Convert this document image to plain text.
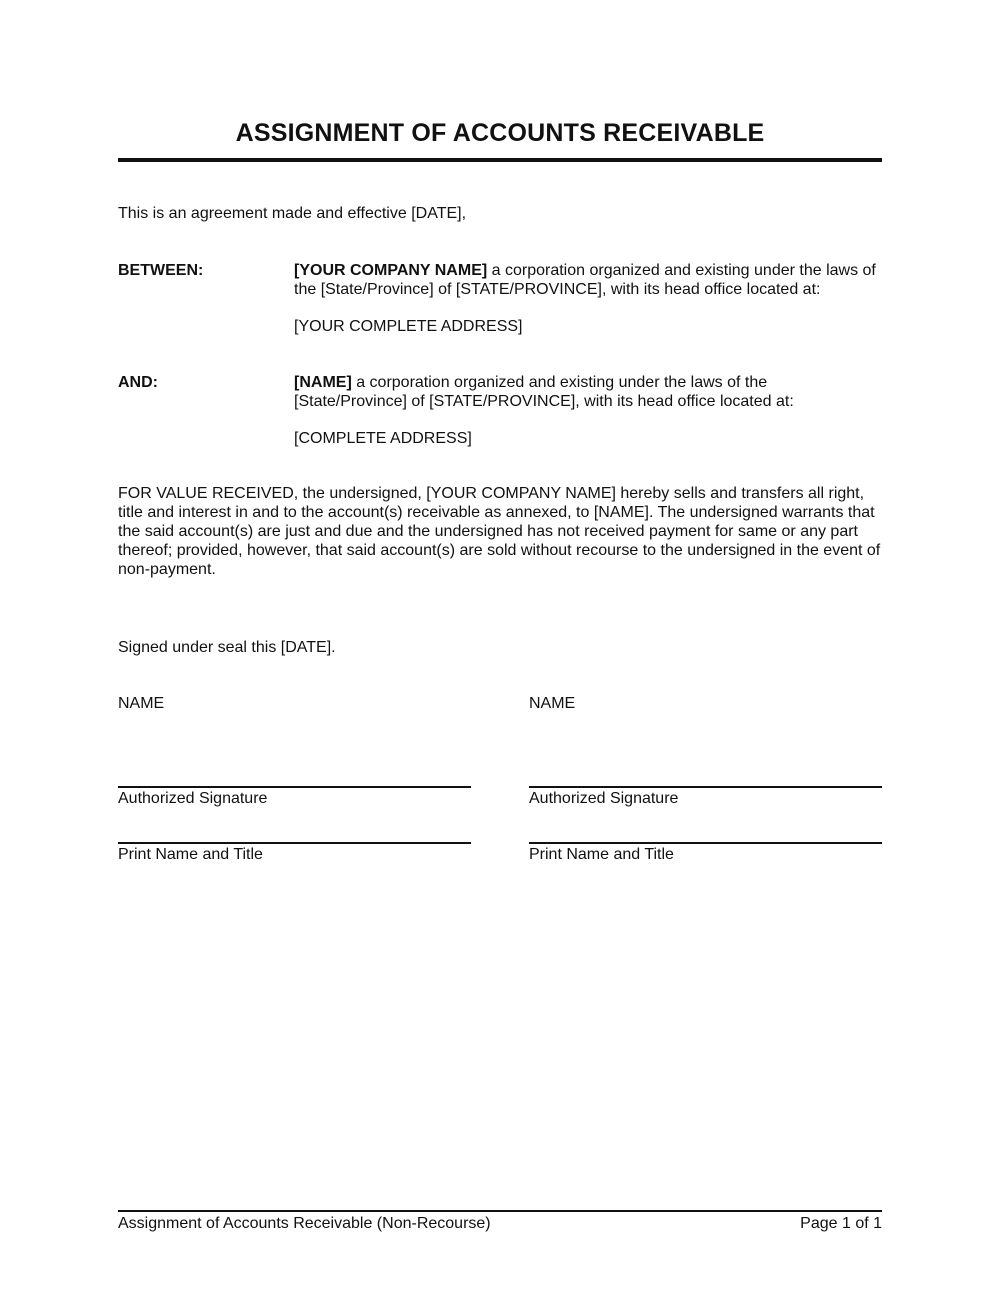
ASSIGNMENT OF ACCOUNTS RECEIVABLE
This is an agreement made and effective [DATE],
BETWEEN:	[YOUR COMPANY NAME] a corporation organized and existing under the laws of the [State/Province] of [STATE/PROVINCE], with its head office located at:
[YOUR COMPLETE ADDRESS]
AND:	[NAME] a corporation organized and existing under the laws of the [State/Province] of [STATE/PROVINCE], with its head office located at:
[COMPLETE ADDRESS]
FOR VALUE RECEIVED, the undersigned, [YOUR COMPANY NAME] hereby sells and transfers all right, title and interest in and to the account(s) receivable as annexed, to [NAME]. The undersigned warrants that the said account(s) are just and due and the undersigned has not received payment for same or any part thereof; provided, however, that said account(s) are sold without recourse to the undersigned in the event of non-payment.
Signed under seal this [DATE].
NAME	NAME
Authorized Signature	Authorized Signature
Print Name and Title	Print Name and Title
Assignment of Accounts Receivable (Non-Recourse)	Page 1 of 1
